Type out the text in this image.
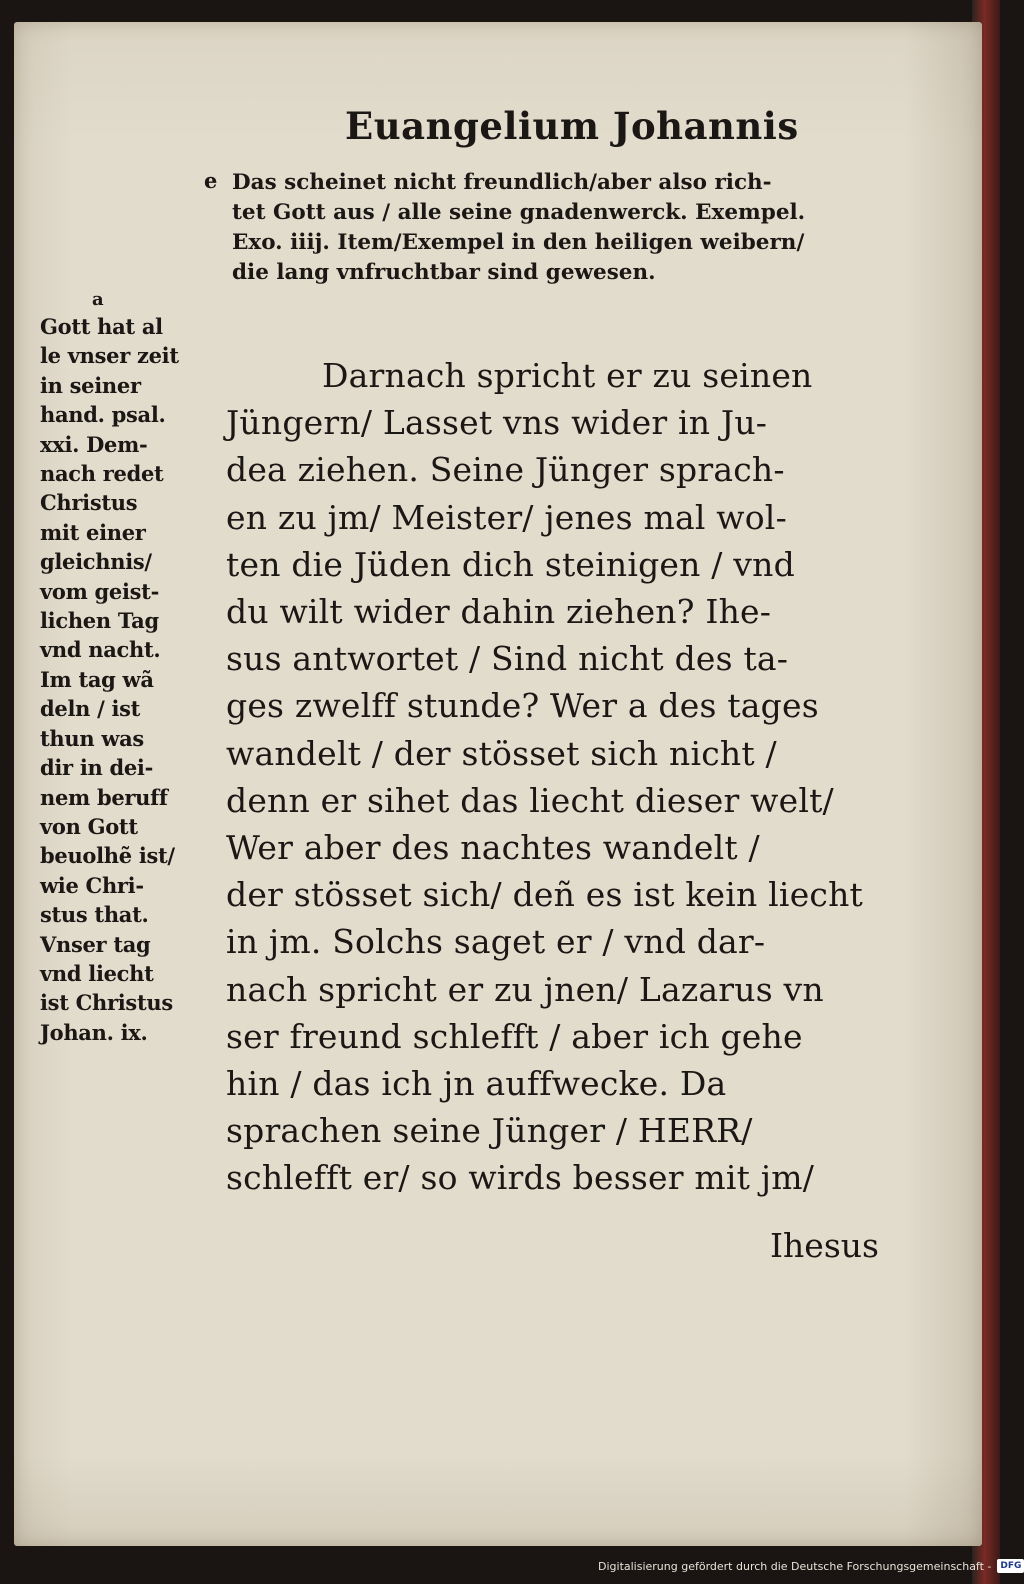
Euangelium Johannis
e Das scheinet nicht freundlich/aber also rich-
tet Gott aus / alle seine gnadenwerck. Exempel.
Exo. iiij. Item/Exempel in den heiligen weibern/
die lang vnfruchtbar sind gewesen.
a
Gott hat al
le vnser zeit
in seiner
hand. psal.
xxi. Dem-
nach redet
Christus
mit einer
gleichnis/
vom geist-
lichen Tag
vnd nacht.
Im tag wã
deln / ist
thun was
dir in dei-
nem beruff
von Gott
beuolhẽ ist/
wie Chri-
stus that.
Vnser tag
vnd liecht
ist Christus
Johan. ix.
Darnach spricht er zu seinen
Jüngern/ Lasset vns wider in Ju-
dea ziehen. Seine Jünger sprach-
en zu jm/ Meister/ jenes mal wol-
ten die Jüden dich steinigen / vnd
du wilt wider dahin ziehen? Ihe-
sus antwortet / Sind nicht des ta-
ges zwelff stunde? Wer a des tages
wandelt / der stösset sich nicht /
denn er sihet das liecht dieser welt/
Wer aber des nachtes wandelt /
der stösset sich/ deñ es ist kein liecht
in jm. Solchs saget er / vnd dar-
nach spricht er zu jnen/ Lazarus vn
ser freund schlefft / aber ich gehe
hin / das ich jn auffwecke. Da
sprachen seine Jünger / HERR/
schlefft er/ so wirds besser mit jm/
Ihesus
Digitalisierung gefördert durch die Deutsche Forschungsgemeinschaft -	DFG
